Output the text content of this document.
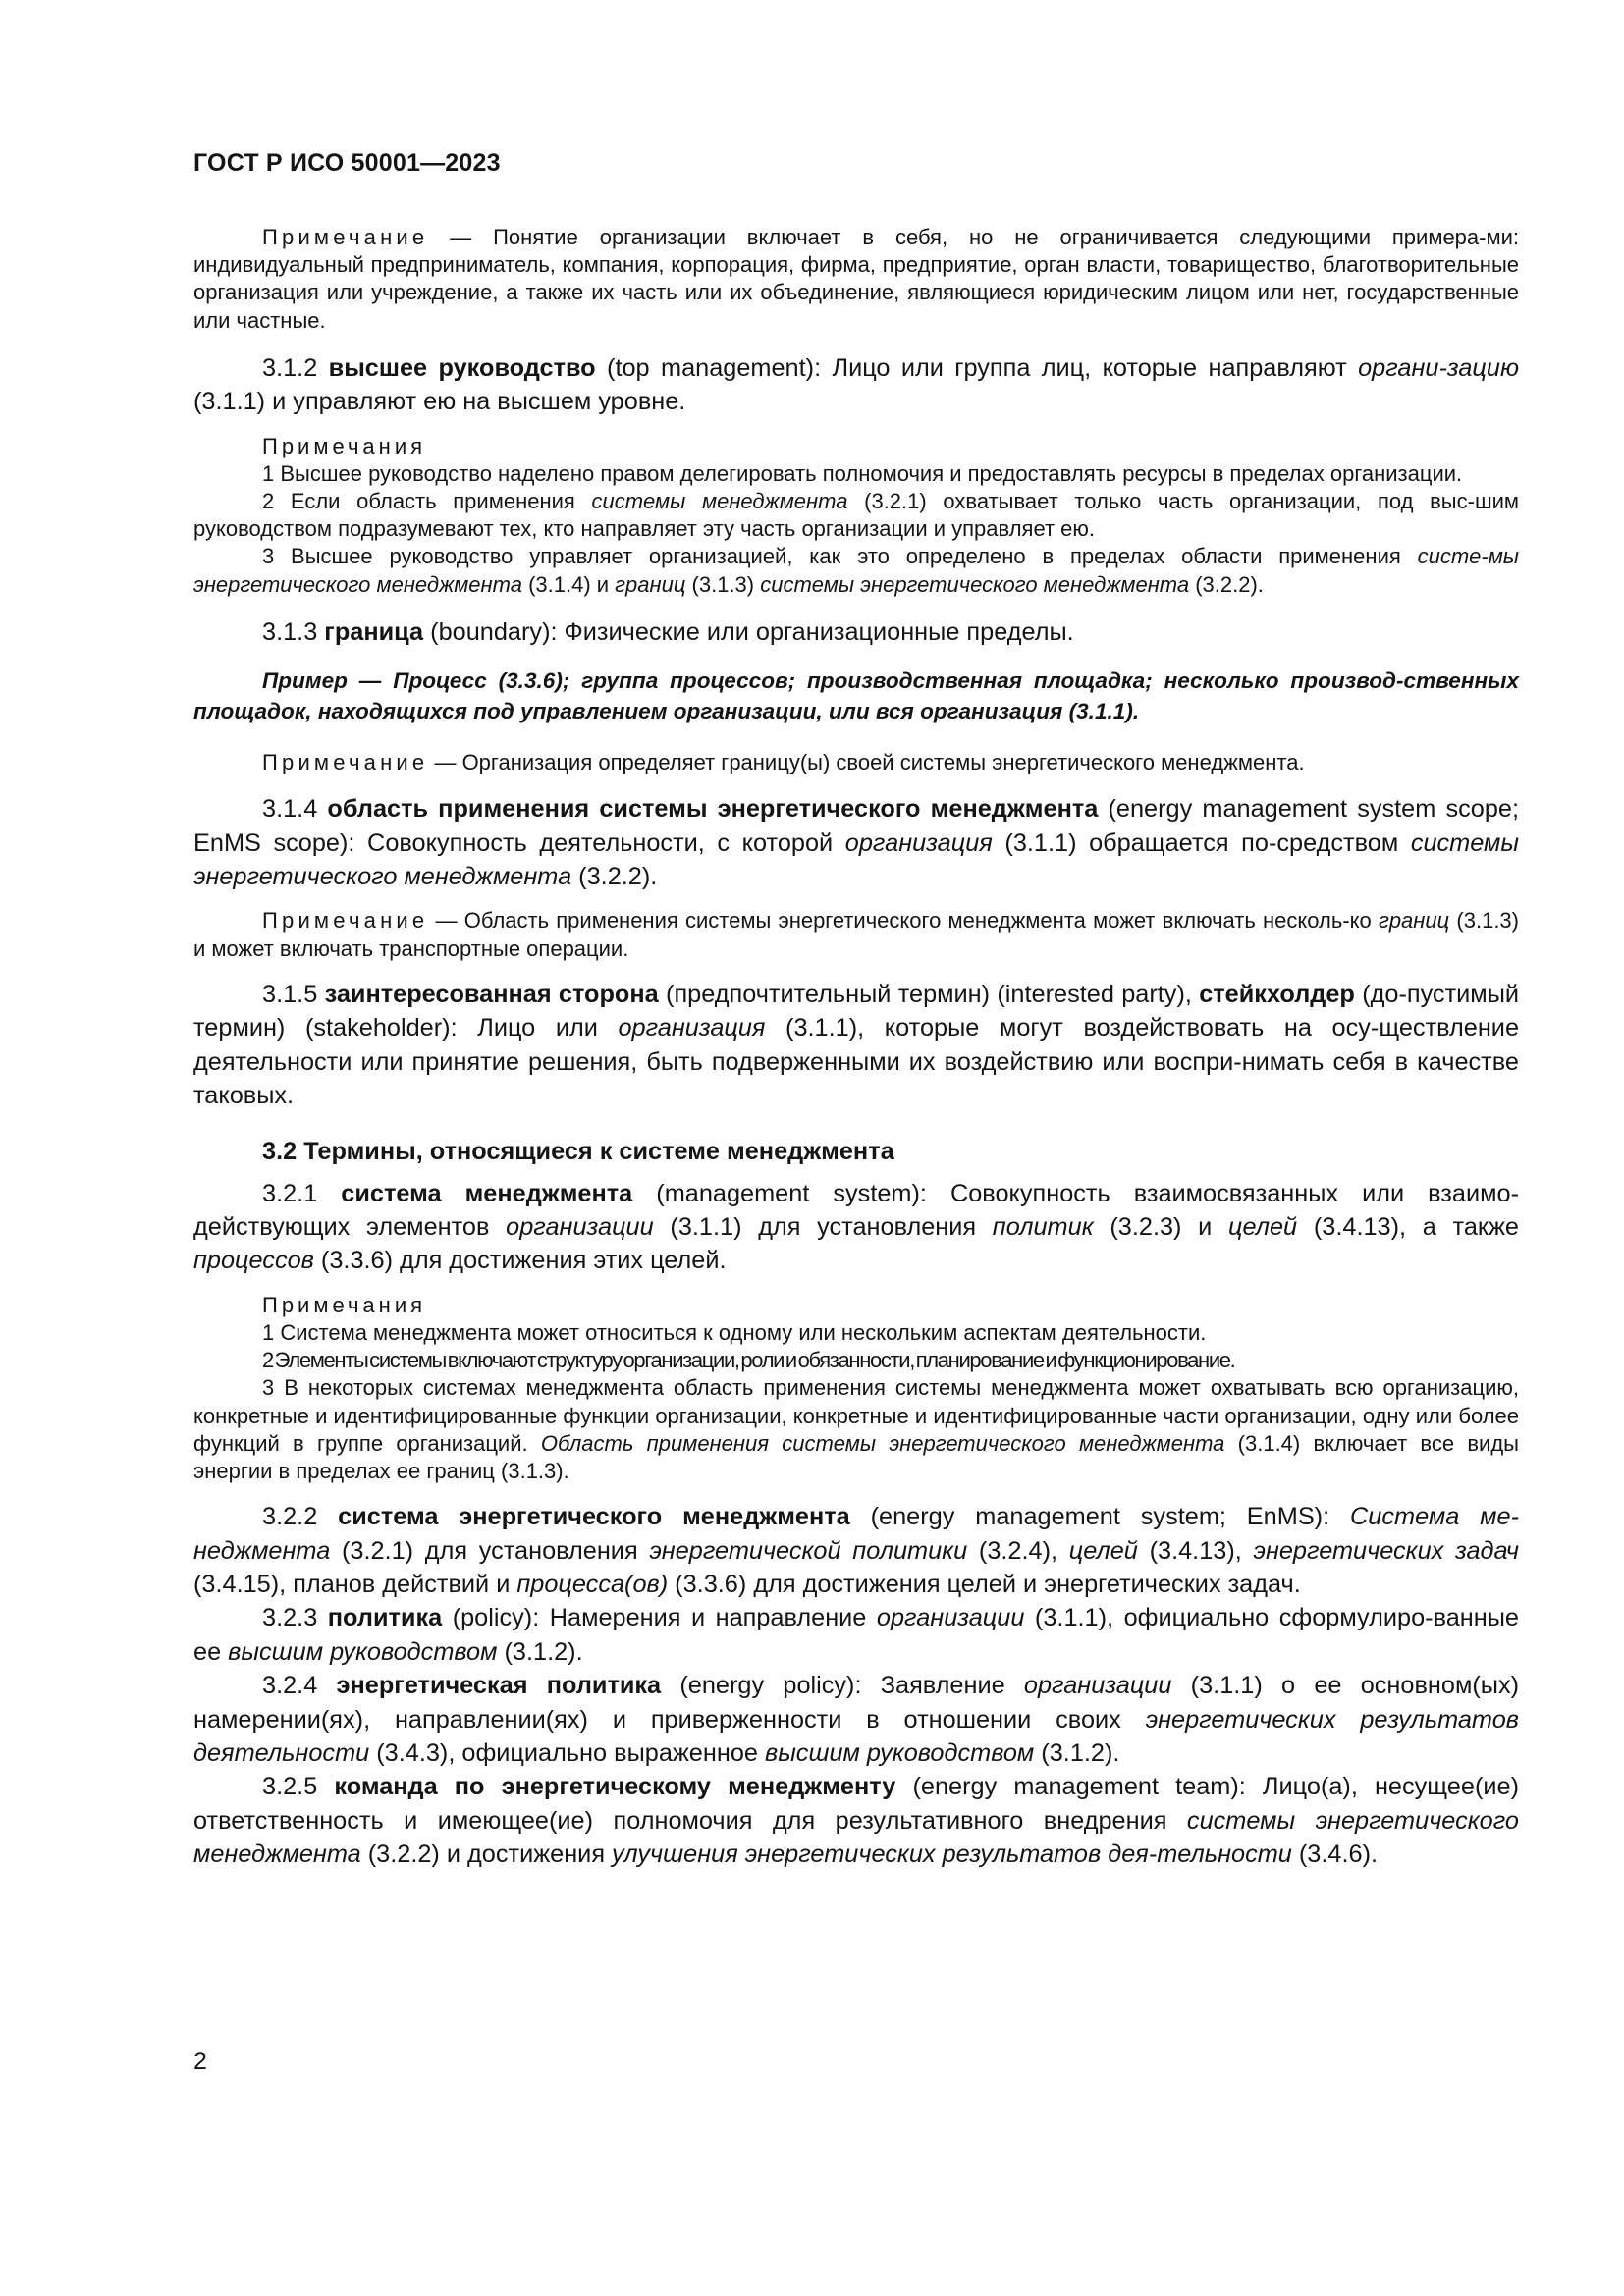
ГОСТ Р ИСО 50001—2023

Примечание — Понятие организации включает в себя, но не ограничивается следующими примера-ми: индивидуальный предприниматель, компания, корпорация, фирма, предприятие, орган власти, товарищество, благотворительные организация или учреждение, а также их часть или их объединение, являющиеся юридическим лицом или нет, государственные или частные.

3.1.2 высшее руководство (top management): Лицо или группа лиц, которые направляют органи-зацию (3.1.1) и управляют ею на высшем уровне.

Примечания

1 Высшее руководство наделено правом делегировать полномочия и предоставлять ресурсы в пределах организации.

2 Если область применения системы менеджмента (3.2.1) охватывает только часть организации, под выс-шим руководством подразумевают тех, кто направляет эту часть организации и управляет ею.

3 Высшее руководство управляет организацией, как это определено в пределах области применения систе-мы энергетического менеджмента (3.1.4) и границ (3.1.3) системы энергетического менеджмента (3.2.2).

3.1.3 граница (boundary): Физические или организационные пределы.

Пример — Процесс (3.3.6); группа процессов; производственная площадка; несколько производ-ственных площадок, находящихся под управлением организации, или вся организация (3.1.1).

Примечание — Организация определяет границу(ы) своей системы энергетического менеджмента.

3.1.4 область применения системы энергетического менеджмента (energy management system scope; EnMS scope): Совокупность деятельности, с которой организация (3.1.1) обращается по-средством системы энергетического менеджмента (3.2.2).

Примечание — Область применения системы энергетического менеджмента может включать несколь-ко границ (3.1.3) и может включать транспортные операции.

3.1.5 заинтересованная сторона (предпочтительный термин) (interested party), стейкхолдер (до-пустимый термин) (stakeholder): Лицо или организация (3.1.1), которые могут воздействовать на осу-ществление деятельности или принятие решения, быть подверженными их воздействию или воспри-нимать себя в качестве таковых.

3.2 Термины, относящиеся к системе менеджмента

3.2.1 система менеджмента (management system): Совокупность взаимосвязанных или взаимо-действующих элементов организации (3.1.1) для установления политик (3.2.3) и целей (3.4.13), а также процессов (3.3.6) для достижения этих целей.

Примечания

1 Система менеджмента может относиться к одному или нескольким аспектам деятельности.

2 Элементы системы включают структуру организации, роли и обязанности, планирование и функционирование.

3 В некоторых системах менеджмента область применения системы менеджмента может охватывать всю организацию, конкретные и идентифицированные функции организации, конкретные и идентифицированные части организации, одну или более функций в группе организаций. Область применения системы энергетического менеджмента (3.1.4) включает все виды энергии в пределах ее границ (3.1.3).

3.2.2 система энергетического менеджмента (energy management system; EnMS): Система ме-неджмента (3.2.1) для установления энергетической политики (3.2.4), целей (3.4.13), энергетических задач (3.4.15), планов действий и процесса(ов) (3.3.6) для достижения целей и энергетических задач.

3.2.3 политика (policy): Намерения и направление организации (3.1.1), официально сформулиро-ванные ее высшим руководством (3.1.2).

3.2.4 энергетическая политика (energy policy): Заявление организации (3.1.1) о ее основном(ых) намерении(ях), направлении(ях) и приверженности в отношении своих энергетических результатов деятельности (3.4.3), официально выраженное высшим руководством (3.1.2).

3.2.5 команда по энергетическому менеджменту (energy management team): Лицо(а), несущее(ие) ответственность и имеющее(ие) полномочия для результативного внедрения системы энергетического менеджмента (3.2.2) и достижения улучшения энергетических результатов дея-тельности (3.4.6).

2
